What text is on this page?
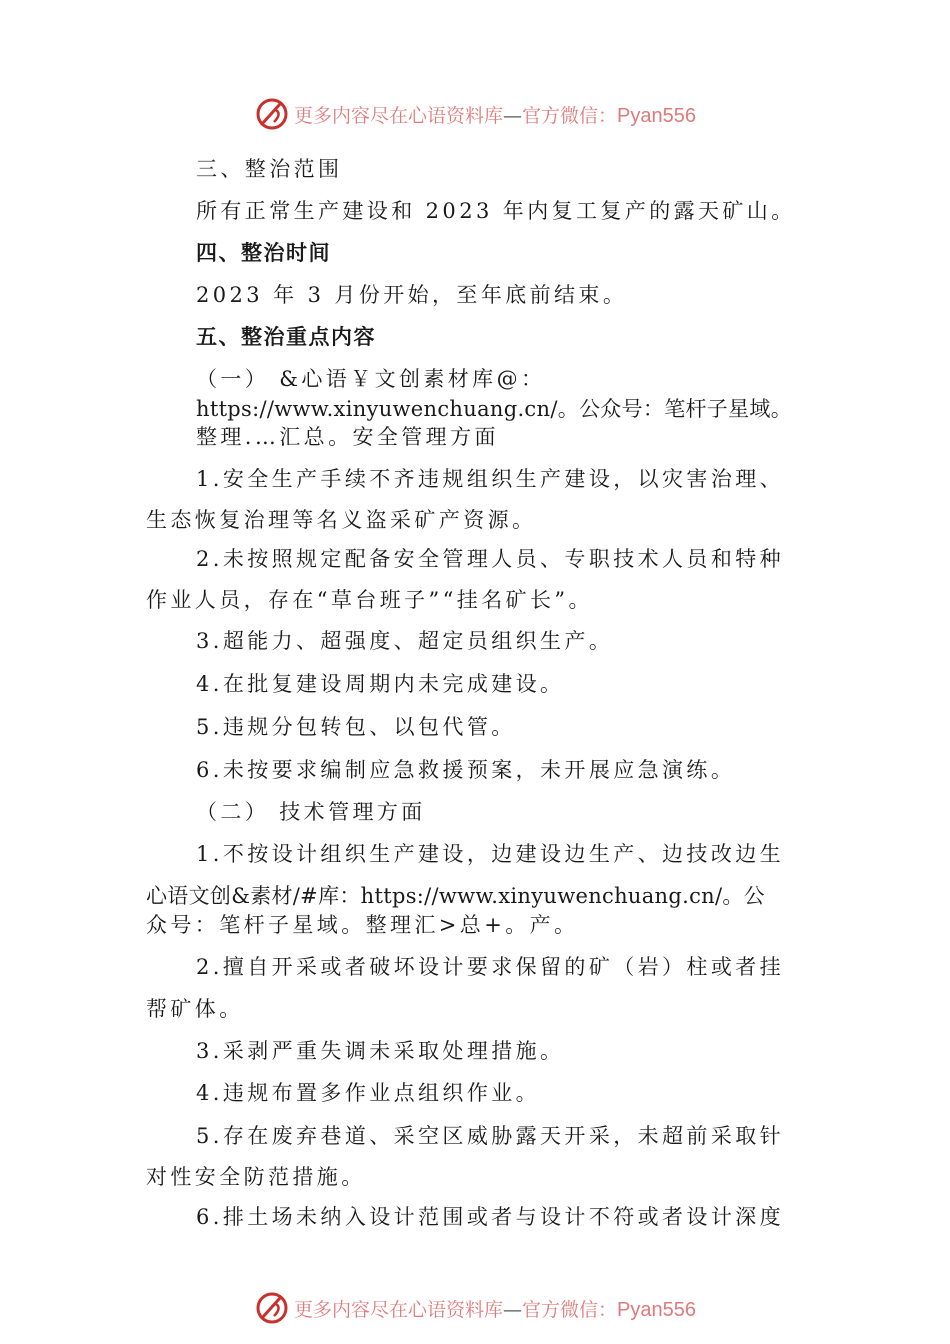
更多内容尽在心语资料库—官方微信：Pyan556
三、整治范围
所有正常生产建设和 2023 年内复工复产的露天矿山。
四、整治时间
2023 年 3 月份开始，至年底前结束。
五、整治重点内容
（一） &心语￥文创素材库@：
https://www.xinyuwenchuang.cn/。公众号：笔杆子星域。
整理.…汇总。安全管理方面
1.安全生产手续不齐违规组织生产建设，以灾害治理、
生态恢复治理等名义盗采矿产资源。
2.未按照规定配备安全管理人员、专职技术人员和特种
作业人员，存在“草台班子”“挂名矿长”。
3.超能力、超强度、超定员组织生产。
4.在批复建设周期内未完成建设。
5.违规分包转包、以包代管。
6.未按要求编制应急救援预案，未开展应急演练。
（二） 技术管理方面
1.不按设计组织生产建设，边建设边生产、边技改边生
心语文创&素材/#库：https://www.xinyuwenchuang.cn/。公
众号：笔杆子星域。整理汇>总+。产。
2.擅自开采或者破坏设计要求保留的矿（岩）柱或者挂
帮矿体。
3.采剥严重失调未采取处理措施。
4.违规布置多作业点组织作业。
5.存在废弃巷道、采空区威胁露天开采，未超前采取针
对性安全防范措施。
6.排土场未纳入设计范围或者与设计不符或者设计深度
更多内容尽在心语资料库—官方微信：Pyan556
